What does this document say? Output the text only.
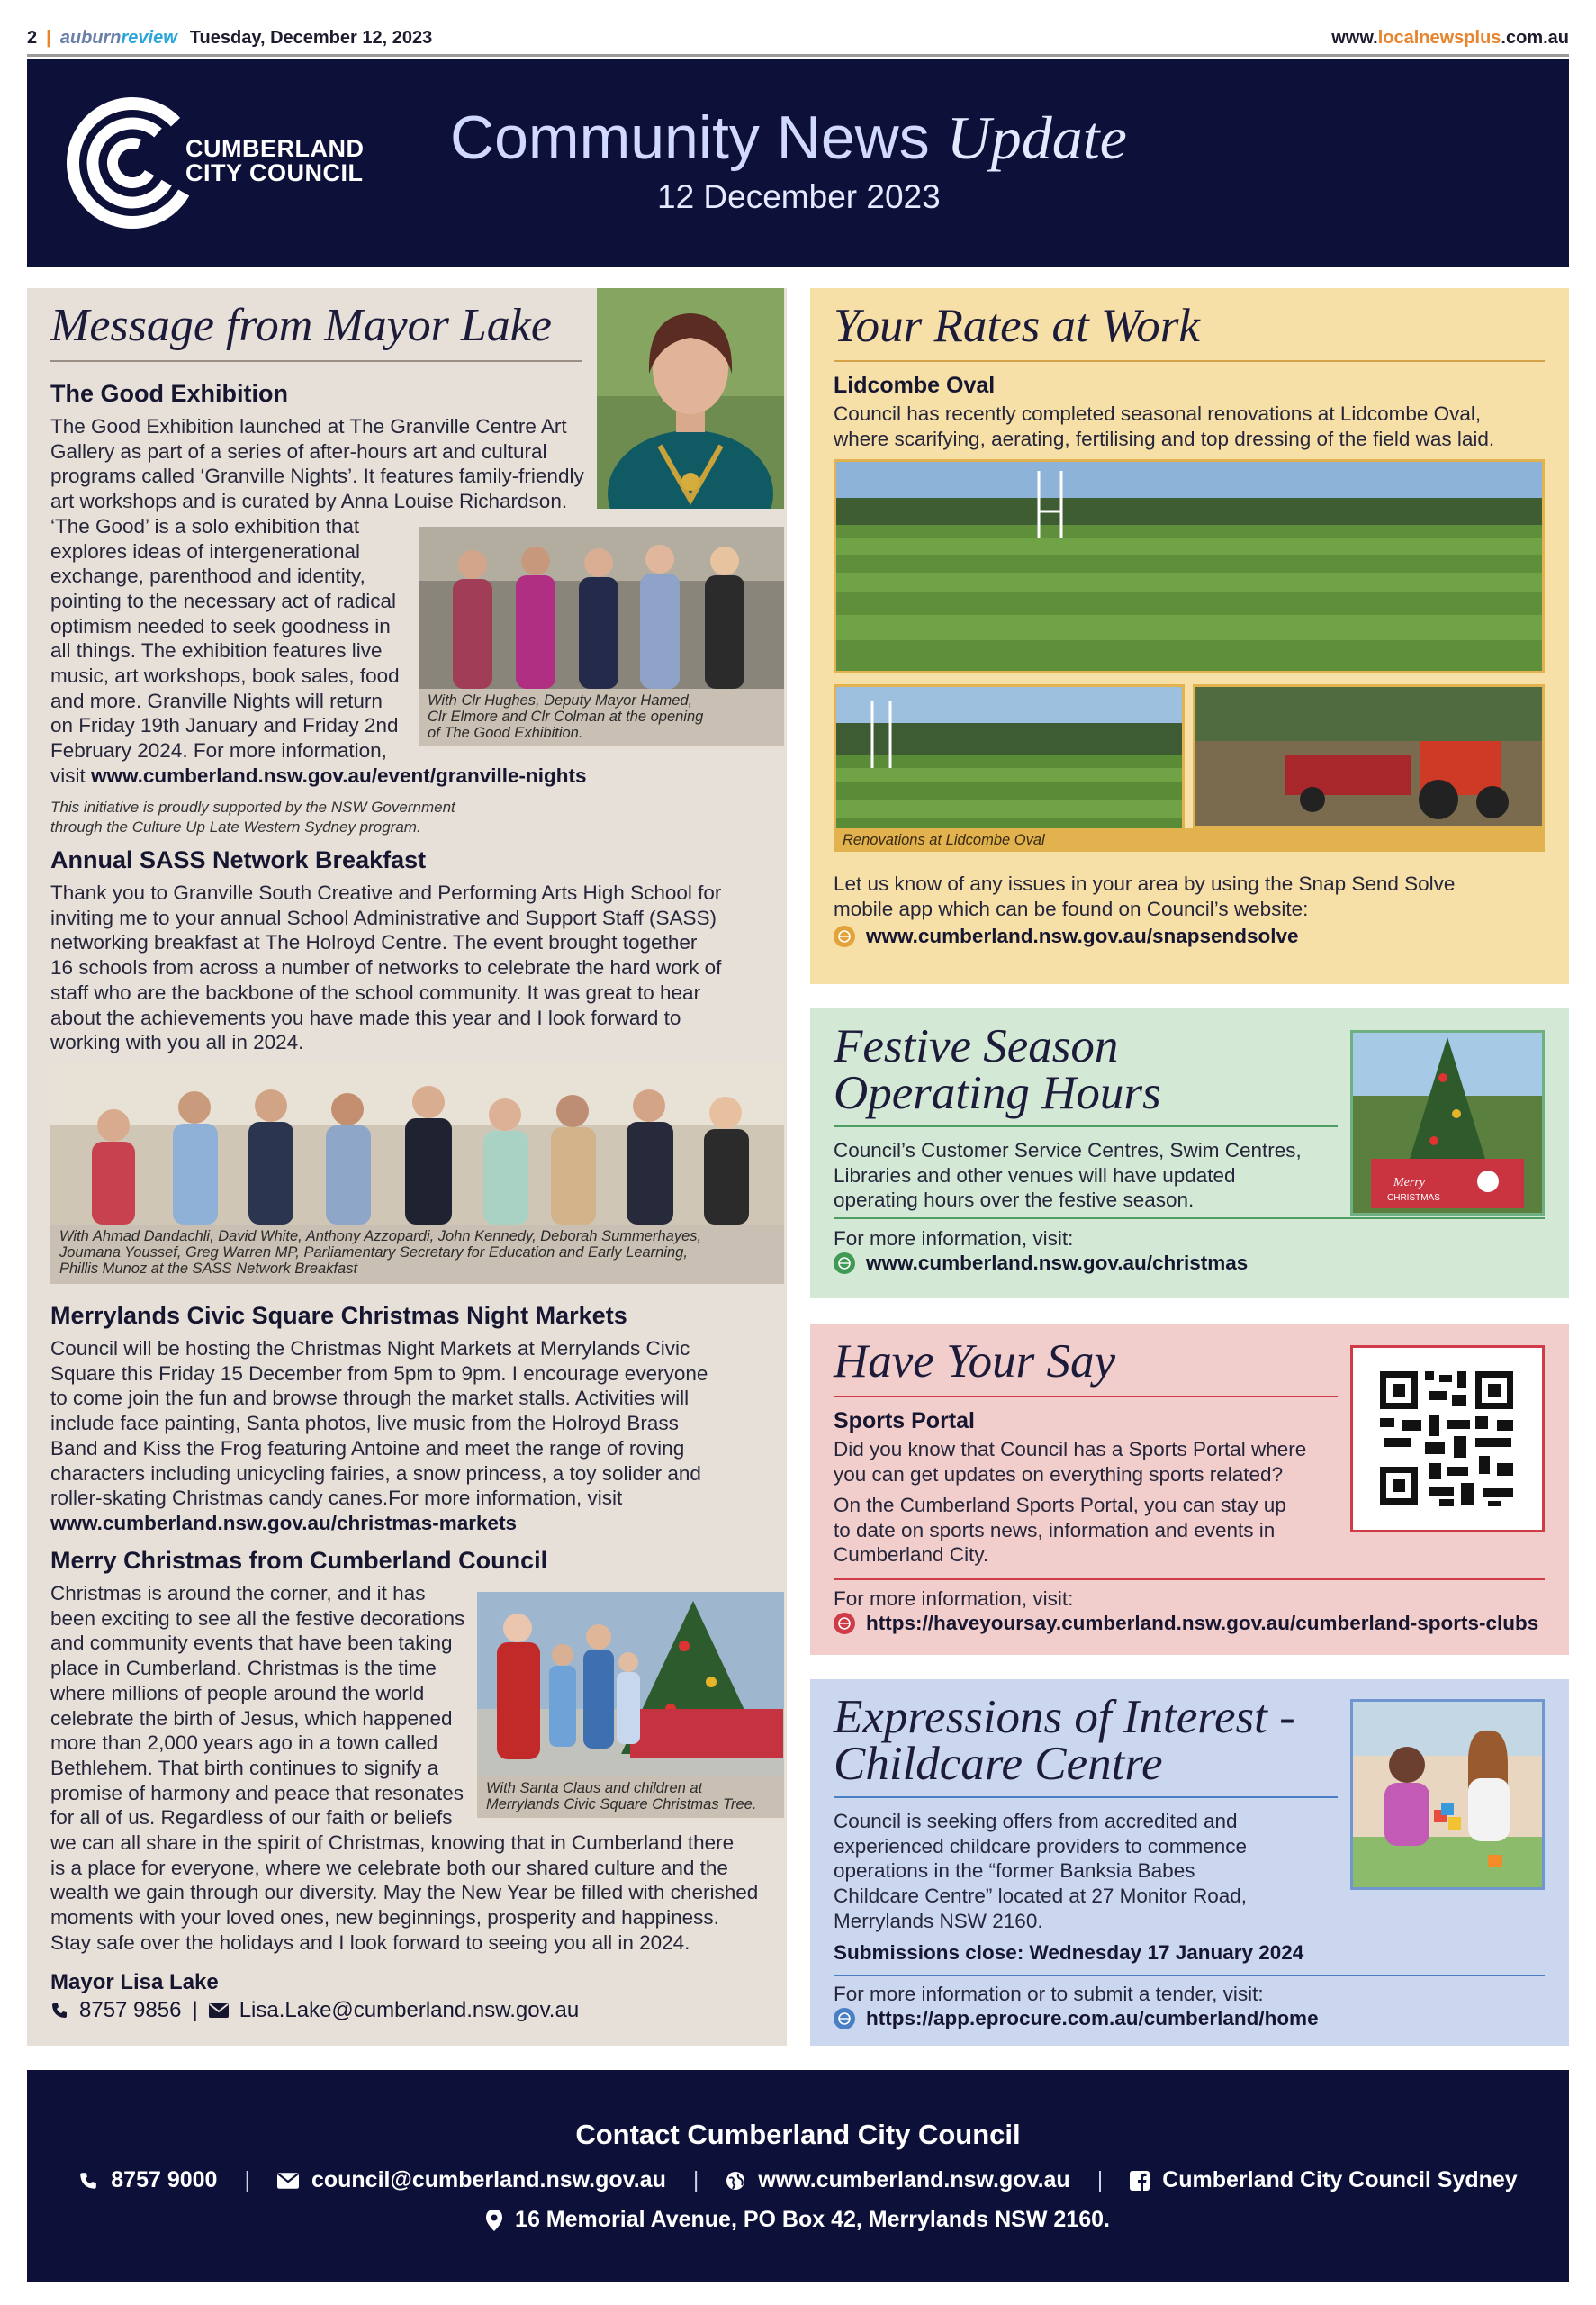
2 | auburn review Tuesday, December 12, 2023	www.localnewsplus.com.au
CUMBERLAND
CITY COUNCIL
Community News Update
12 December 2023
Message from Mayor Lake
The Good Exhibition
The Good Exhibition launched at The Granville Centre Art
Gallery as part of a series of after-hours art and cultural
programs called ‘Granville Nights’. It features family-friendly
art workshops and is curated by Anna Louise Richardson.
‘The Good’ is a solo exhibition that
explores ideas of intergenerational
exchange, parenthood and identity,
pointing to the necessary act of radical
optimism needed to seek goodness in
all things. The exhibition features live
music, art workshops, book sales, food
and more. Granville Nights will return
on Friday 19th January and Friday 2nd
February 2024. For more information,
visit www.cumberland.nsw.gov.au/event/granville-nights
With Clr Hughes, Deputy Mayor Hamed,
Clr Elmore and Clr Colman at the opening
of The Good Exhibition.
This initiative is proudly supported by the NSW Government
through the Culture Up Late Western Sydney program.
Annual SASS Network Breakfast
Thank you to Granville South Creative and Performing Arts High School for
inviting me to your annual School Administrative and Support Staff (SASS)
networking breakfast at The Holroyd Centre. The event brought together
16 schools from across a number of networks to celebrate the hard work of
staff who are the backbone of the school community. It was great to hear
about the achievements you have made this year and I look forward to
working with you all in 2024.
With Ahmad Dandachli, David White, Anthony Azzopardi, John Kennedy, Deborah Summerhayes,
Joumana Youssef, Greg Warren MP, Parliamentary Secretary for Education and Early Learning,
Phillis Munoz at the SASS Network Breakfast
Merrylands Civic Square Christmas Night Markets
Council will be hosting the Christmas Night Markets at Merrylands Civic
Square this Friday 15 December from 5pm to 9pm. I encourage everyone
to come join the fun and browse through the market stalls. Activities will
include face painting, Santa photos, live music from the Holroyd Brass
Band and Kiss the Frog featuring Antoine and meet the range of roving
characters including unicycling fairies, a snow princess, a toy solider and
roller-skating Christmas candy canes.For more information, visit
www.cumberland.nsw.gov.au/christmas-markets
Merry Christmas from Cumberland Council
With Santa Claus and children at
Merrylands Civic Square Christmas Tree.
Christmas is around the corner, and it has
been exciting to see all the festive decorations
and community events that have been taking
place in Cumberland. Christmas is the time
where millions of people around the world
celebrate the birth of Jesus, which happened
more than 2,000 years ago in a town called
Bethlehem. That birth continues to signify a
promise of harmony and peace that resonates
for all of us. Regardless of our faith or beliefs
we can all share in the spirit of Christmas, knowing that in Cumberland there
is a place for everyone, where we celebrate both our shared culture and the
wealth we gain through our diversity. May the New Year be filled with cherished
moments with your loved ones, new beginnings, prosperity and happiness.
Stay safe over the holidays and I look forward to seeing you all in 2024.
Mayor Lisa Lake
8757 9856 | Lisa.Lake@cumberland.nsw.gov.au
Your Rates at Work
Lidcombe Oval
Council has recently completed seasonal renovations at Lidcombe Oval,
where scarifying, aerating, fertilising and top dressing of the field was laid.
Renovations at Lidcombe Oval
Let us know of any issues in your area by using the Snap Send Solve
mobile app which can be found on Council’s website:
www.cumberland.nsw.gov.au/snapsendsolve
Festive Season
Operating Hours
Council’s Customer Service Centres, Swim Centres,
Libraries and other venues will have updated
operating hours over the festive season.
Merry
CHRISTMAS
For more information, visit:
www.cumberland.nsw.gov.au/christmas
Have Your Say
Sports Portal
Did you know that Council has a Sports Portal where
you can get updates on everything sports related?
On the Cumberland Sports Portal, you can stay up
to date on sports news, information and events in
Cumberland City.
For more information, visit:
https://haveyoursay.cumberland.nsw.gov.au/cumberland-sports-clubs
Expressions of Interest -
Childcare Centre
Council is seeking offers from accredited and
experienced childcare providers to commence
operations in the “former Banksia Babes
Childcare Centre” located at 27 Monitor Road,
Merrylands NSW 2160.
Submissions close: Wednesday 17 January 2024
For more information or to submit a tender, visit:
https://app.eprocure.com.au/cumberland/home
Contact Cumberland City Council
8757 9000 |	council@cumberland.nsw.gov.au |	www.cumberland.nsw.gov.au |	Cumberland City Council Sydney
16 Memorial Avenue, PO Box 42, Merrylands NSW 2160.
